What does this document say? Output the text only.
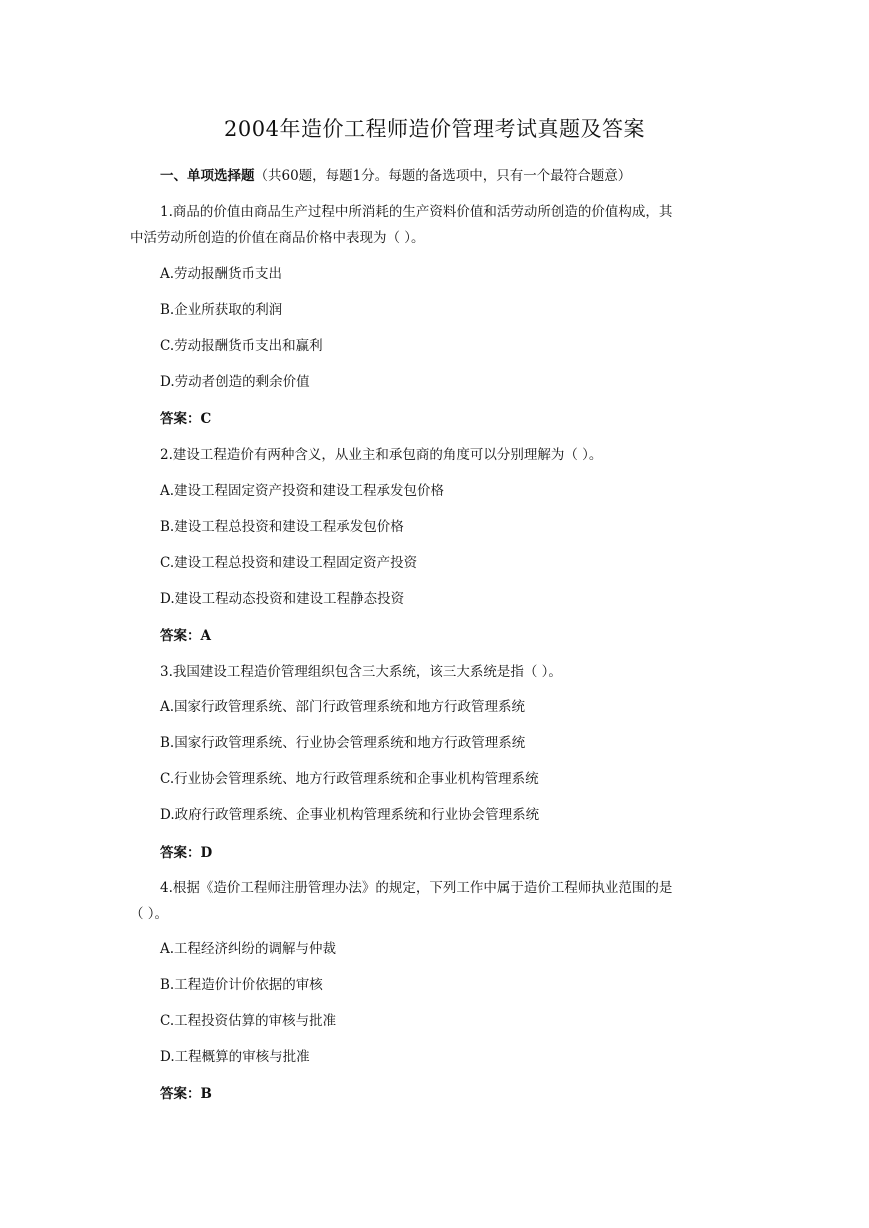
2004年造价工程师造价管理考试真题及答案
一、单项选择题（共60题，每题1分。每题的备选项中，只有一个最符合题意）
1.商品的价值由商品生产过程中所消耗的生产资料价值和活劳动所创造的价值构成，其
中活劳动所创造的价值在商品价格中表现为（ ）。
A.劳动报酬货币支出
B.企业所获取的利润
C.劳动报酬货币支出和赢利
D.劳动者创造的剩余价值
答案：C
2.建设工程造价有两种含义，从业主和承包商的角度可以分别理解为（ ）。
A.建设工程固定资产投资和建设工程承发包价格
B.建设工程总投资和建设工程承发包价格
C.建设工程总投资和建设工程固定资产投资
D.建设工程动态投资和建设工程静态投资
答案：A
3.我国建设工程造价管理组织包含三大系统，该三大系统是指（ ）。
A.国家行政管理系统、部门行政管理系统和地方行政管理系统
B.国家行政管理系统、行业协会管理系统和地方行政管理系统
C.行业协会管理系统、地方行政管理系统和企事业机构管理系统
D.政府行政管理系统、企事业机构管理系统和行业协会管理系统
答案：D
4.根据《造价工程师注册管理办法》的规定，下列工作中属于造价工程师执业范围的是
（ ）。
A.工程经济纠纷的调解与仲裁
B.工程造价计价依据的审核
C.工程投资估算的审核与批准
D.工程概算的审核与批准
答案：B
